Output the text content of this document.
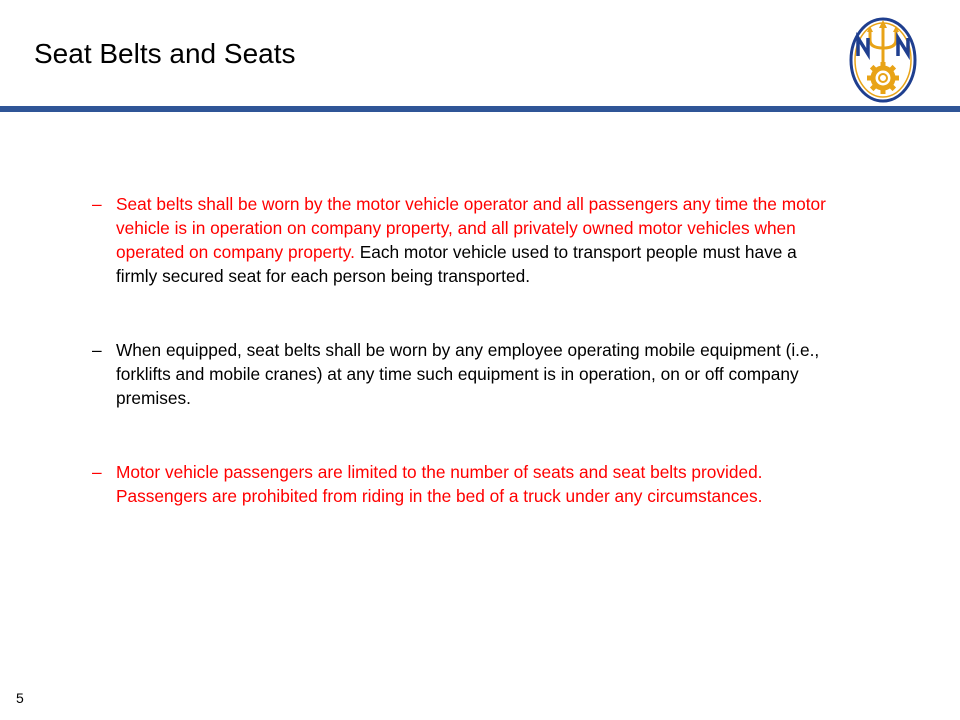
Seat Belts and Seats
– Seat belts shall be worn by the motor vehicle operator and all passengers any time the motor vehicle is in operation on company property, and all privately owned motor vehicles when operated on company property. Each motor vehicle used to transport people must have a firmly secured seat for each person being transported.
– When equipped, seat belts shall be worn by any employee operating mobile equipment (i.e., forklifts and mobile cranes) at any time such equipment is in operation, on or off company premises.
– Motor vehicle passengers are limited to the number of seats and seat belts provided. Passengers are prohibited from riding in the bed of a truck under any circumstances.
5
